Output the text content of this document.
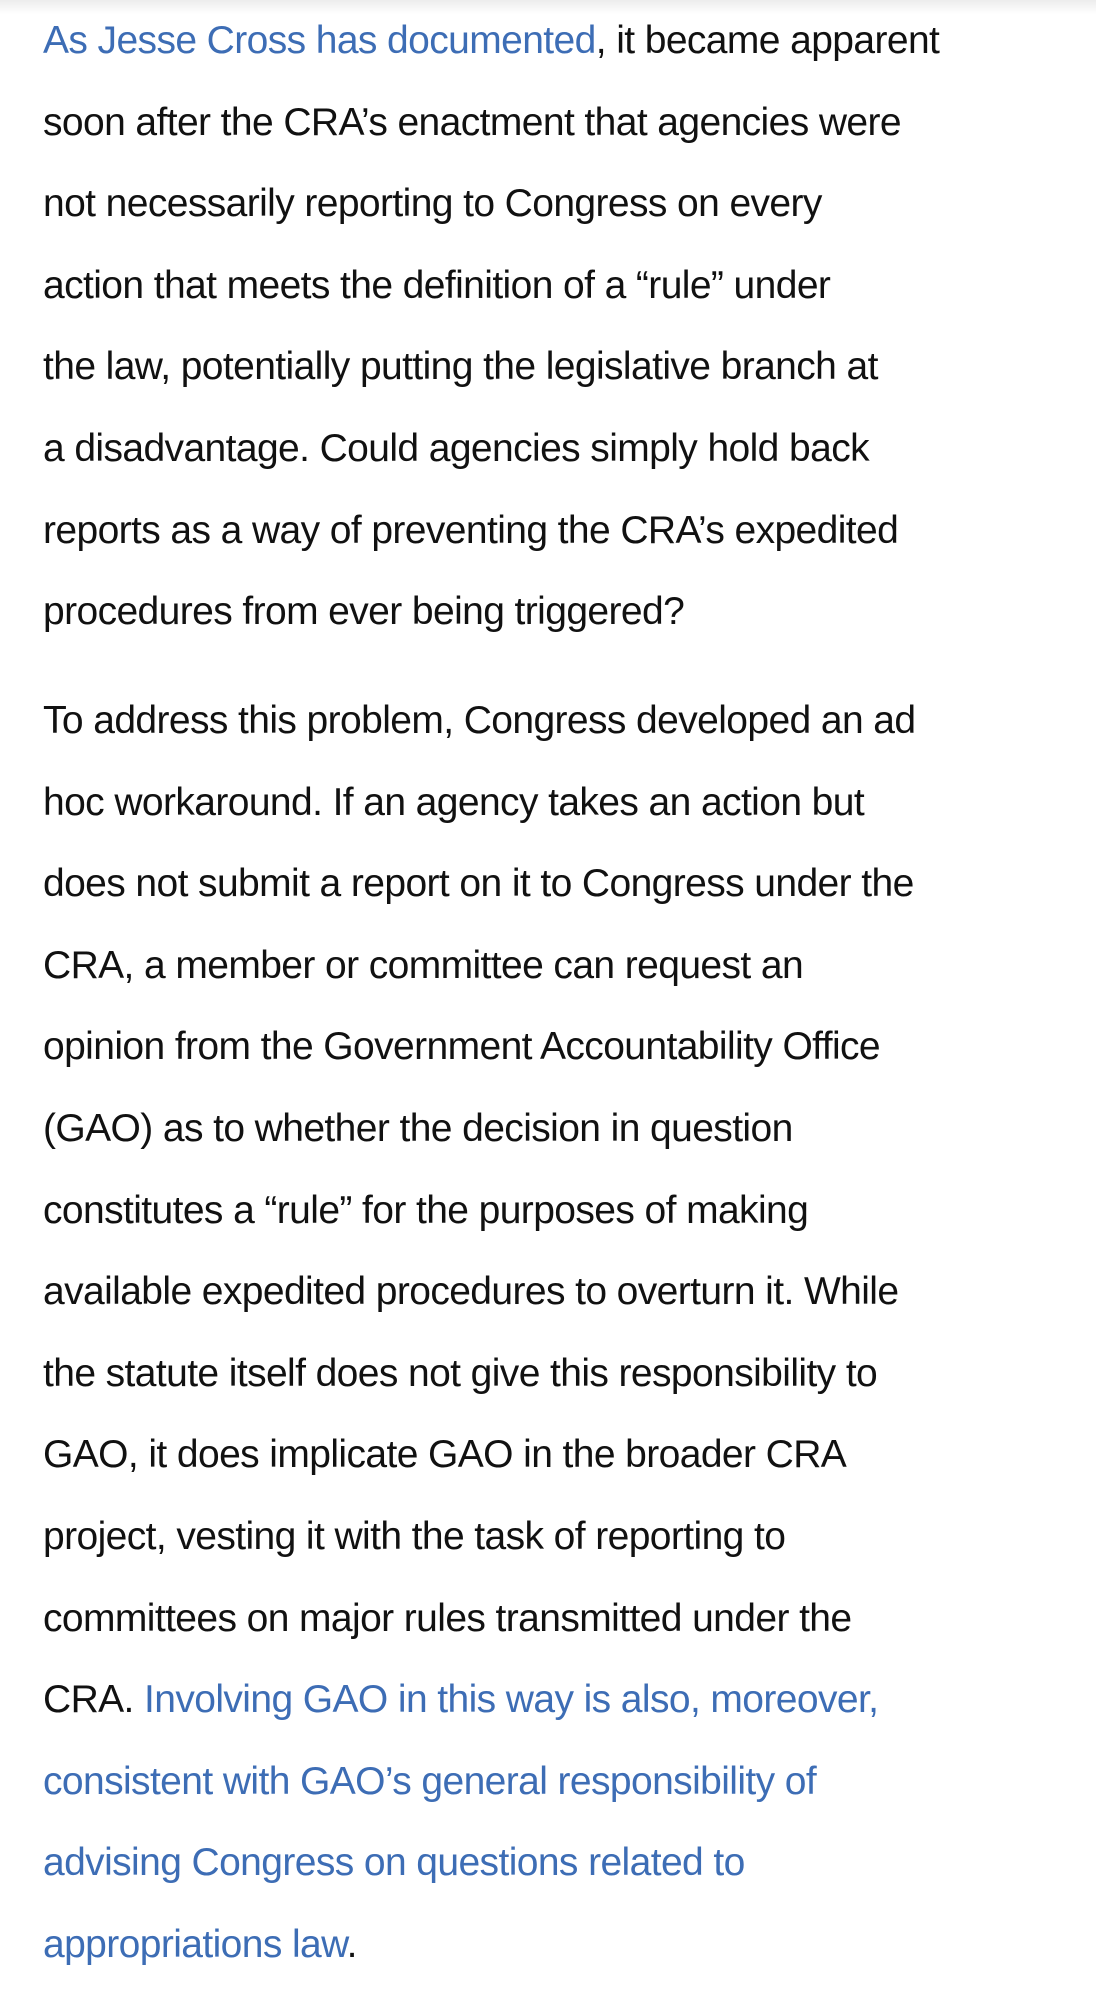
As Jesse Cross has documented, it became apparent
soon after the CRA’s enactment that agencies were
not necessarily reporting to Congress on every
action that meets the definition of a “rule” under
the law, potentially putting the legislative branch at
a disadvantage. Could agencies simply hold back
reports as a way of preventing the CRA’s expedited
procedures from ever being triggered?
To address this problem, Congress developed an ad
hoc workaround. If an agency takes an action but
does not submit a report on it to Congress under the
CRA, a member or committee can request an
opinion from the Government Accountability Office
(GAO) as to whether the decision in question
constitutes a “rule” for the purposes of making
available expedited procedures to overturn it. While
the statute itself does not give this responsibility to
GAO, it does implicate GAO in the broader CRA
project, vesting it with the task of reporting to
committees on major rules transmitted under the
CRA. Involving GAO in this way is also, moreover,
consistent with GAO’s general responsibility of
advising Congress on questions related to
appropriations law.
